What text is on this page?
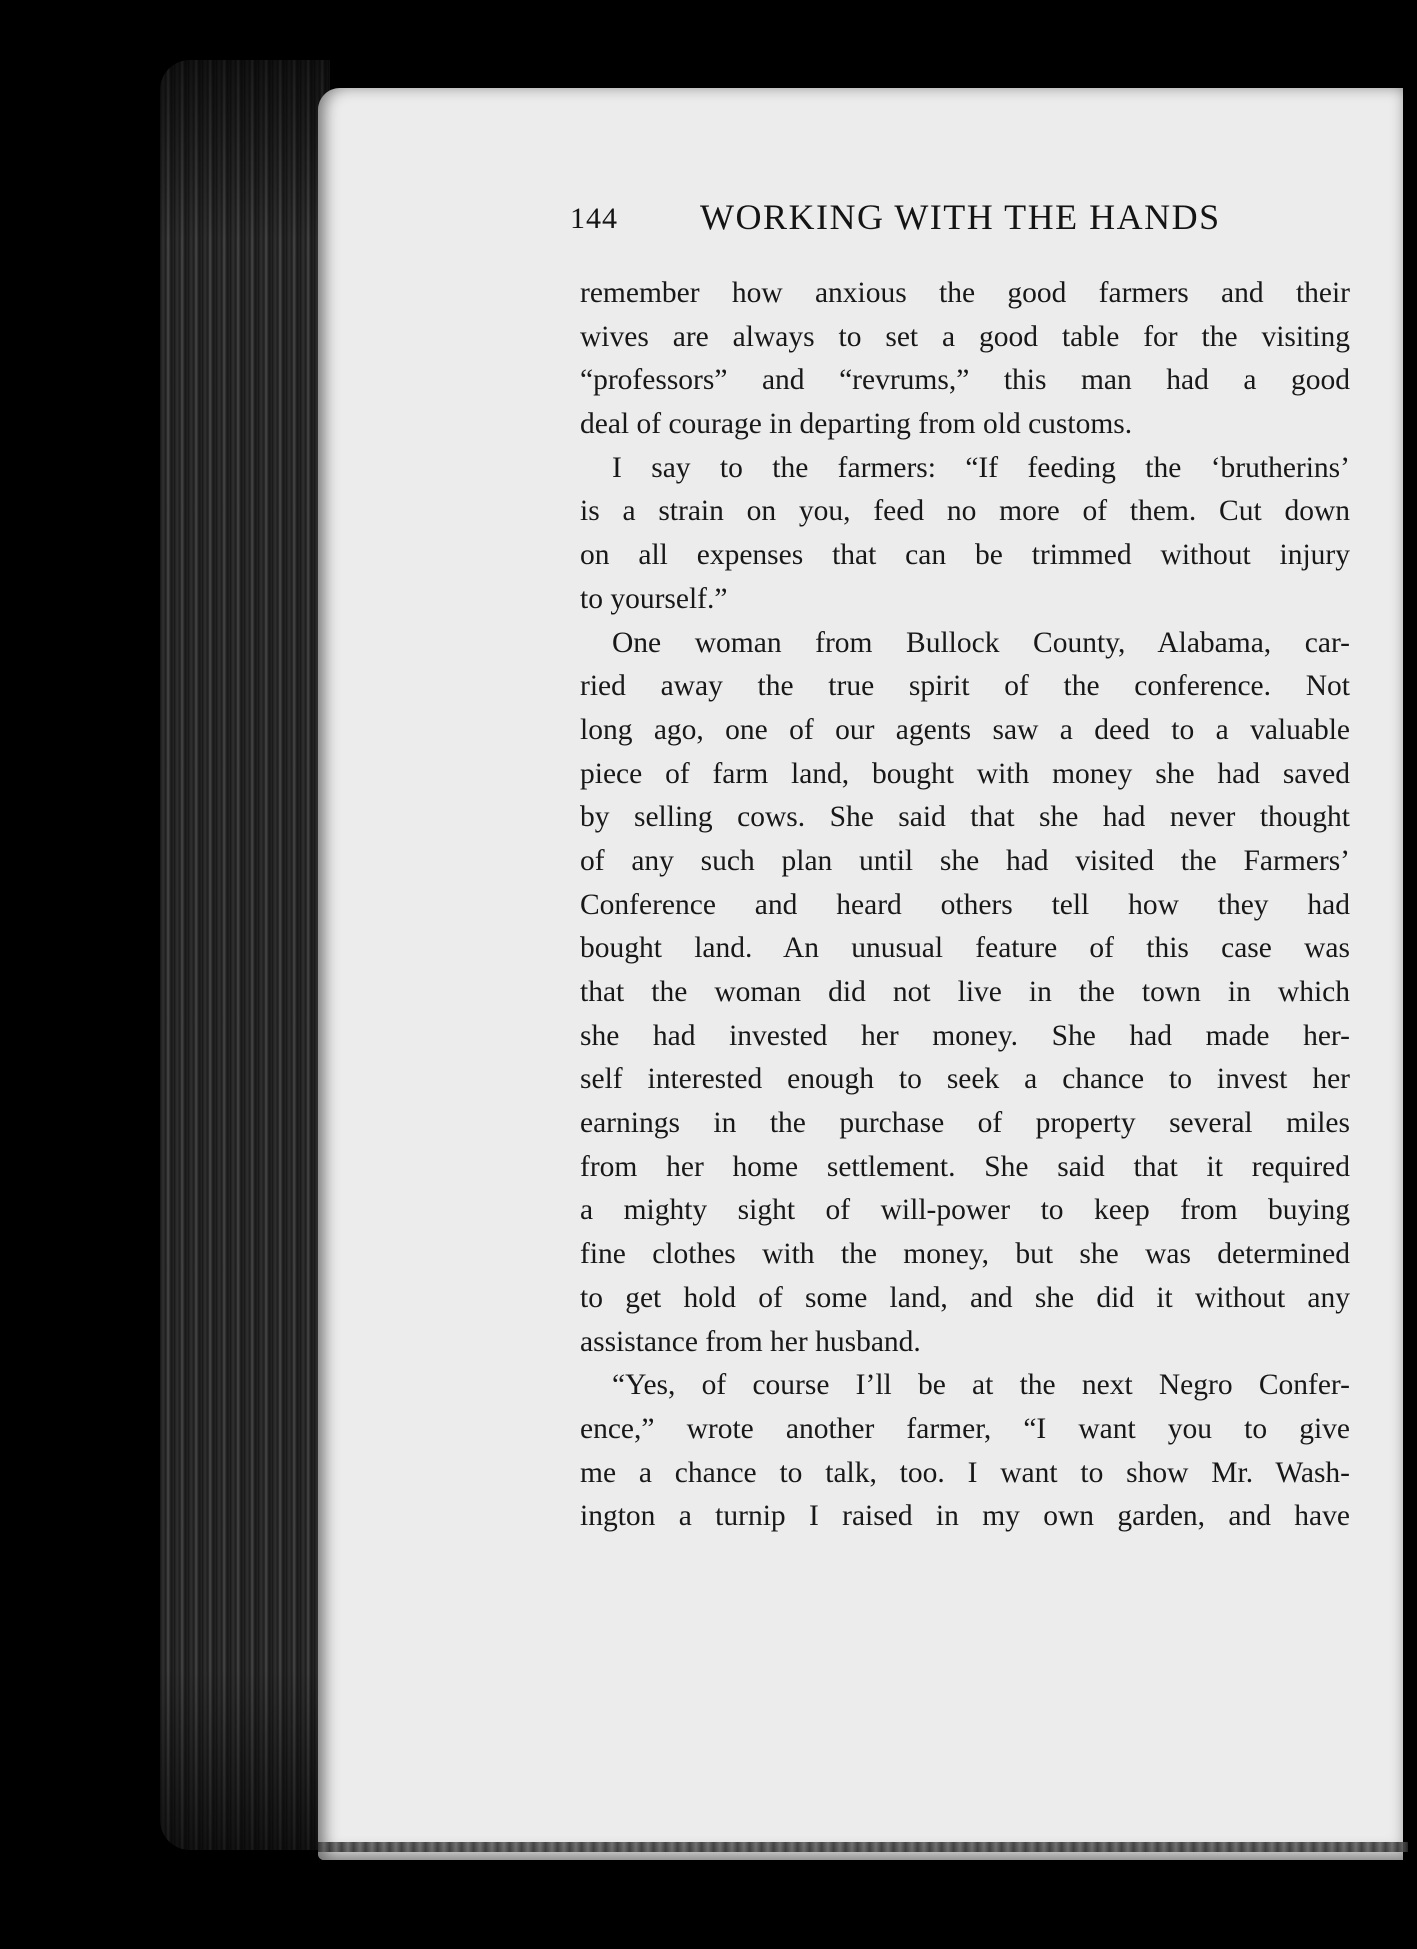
144 WORKING WITH THE HANDS
remember how anxious the good farmers and their
wives are always to set a good table for the visiting
“professors” and “revrums,” this man had a good
deal of courage in departing from old customs.
I say to the farmers: “If feeding the ‘brutherins’
is a strain on you, feed no more of them. Cut down
on all expenses that can be trimmed without injury
to yourself.”
One woman from Bullock County, Alabama, car-
ried away the true spirit of the conference. Not
long ago, one of our agents saw a deed to a valuable
piece of farm land, bought with money she had saved
by selling cows. She said that she had never thought
of any such plan until she had visited the Farmers’
Conference and heard others tell how they had
bought land. An unusual feature of this case was
that the woman did not live in the town in which
she had invested her money. She had made her-
self interested enough to seek a chance to invest her
earnings in the purchase of property several miles
from her home settlement. She said that it required
a mighty sight of will-power to keep from buying
fine clothes with the money, but she was determined
to get hold of some land, and she did it without any
assistance from her husband.
“Yes, of course I’ll be at the next Negro Confer-
ence,” wrote another farmer, “I want you to give
me a chance to talk, too. I want to show Mr. Wash-
ington a turnip I raised in my own garden, and have
